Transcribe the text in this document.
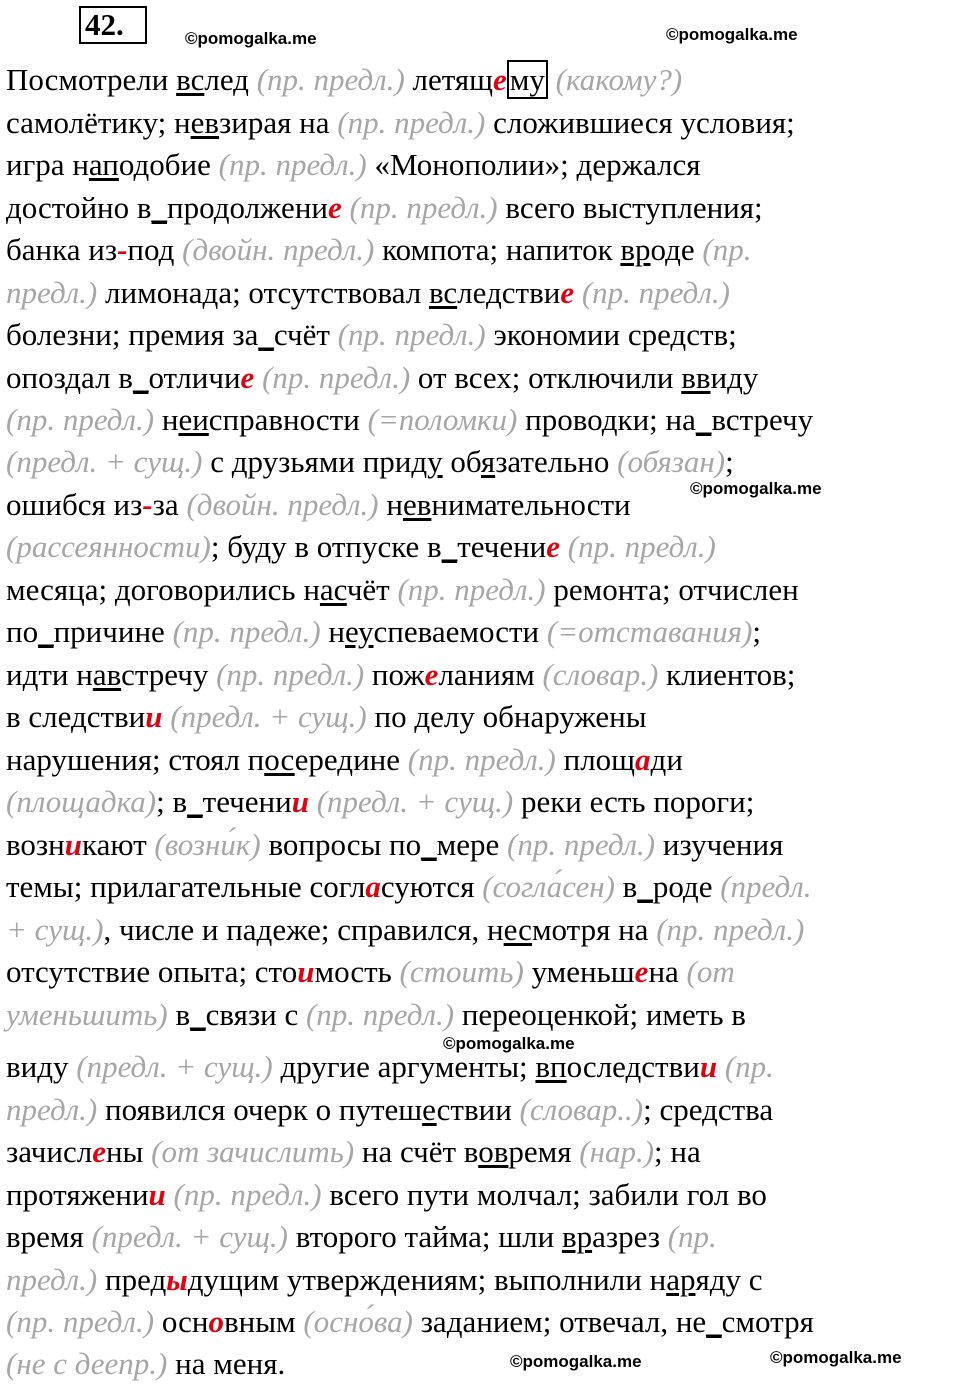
42.	©pomogalka.me	©pomogalka.me
©pomogalka.me
©pomogalka.me
©pomogalka.me	©pomogalka.me
Посмотрели вслед (пр. предл.) летящему (какому?)
самолётику; невзирая на (пр. предл.) сложившиеся условия;
игра наподобие (пр. предл.) «Монополии»; держался
достойно в_продолжение (пр. предл.) всего выступления;
банка из-под (двойн. предл.) компота; напиток вроде (пр.
предл.) лимонада; отсутствовал вследствие (пр. предл.)
болезни; премия за_счёт (пр. предл.) экономии средств;
опоздал в_отличие (пр. предл.) от всех; отключили ввиду
(пр. предл.) неисправности (=поломки) проводки; на_встречу
(предл. + сущ.) с друзьями приду обязательно (обязан);
ошибся из-за (двойн. предл.) невнимательности
(рассеянности); буду в отпуске в_течение (пр. предл.)
месяца; договорились насчёт (пр. предл.) ремонта; отчислен
по_причине (пр. предл.) неуспеваемости (=отставания);
идти навстречу (пр. предл.) пожеланиям (словар.) клиентов;
в следствии (предл. + сущ.) по делу обнаружены
нарушения; стоял посередине (пр. предл.) площади
(площадка); в_течении (предл. + сущ.) реки есть пороги;
возникают (возни́к) вопросы по_мере (пр. предл.) изучения
темы; прилагательные согласуются (согла́сен) в_роде (предл.
+ сущ.), числе и падеже; справился, несмотря на (пр. предл.)
отсутствие опыта; стоимость (стоить) уменьшена (от
уменьшить) в_связи с (пр. предл.) переоценкой; иметь в
виду (предл. + сущ.) другие аргументы; впоследствии (пр.
предл.) появился очерк о путешествии (словар..); средства
зачислены (от зачислить) на счёт вовремя (нар.); на
протяжении (пр. предл.) всего пути молчал; забили гол во
время (предл. + сущ.) второго тайма; шли вразрез (пр.
предл.) предыдущим утверждениям; выполнили наряду с
(пр. предл.) основным (осно́ва) заданием; отвечал, не_смотря
(не с деепр.) на меня.
